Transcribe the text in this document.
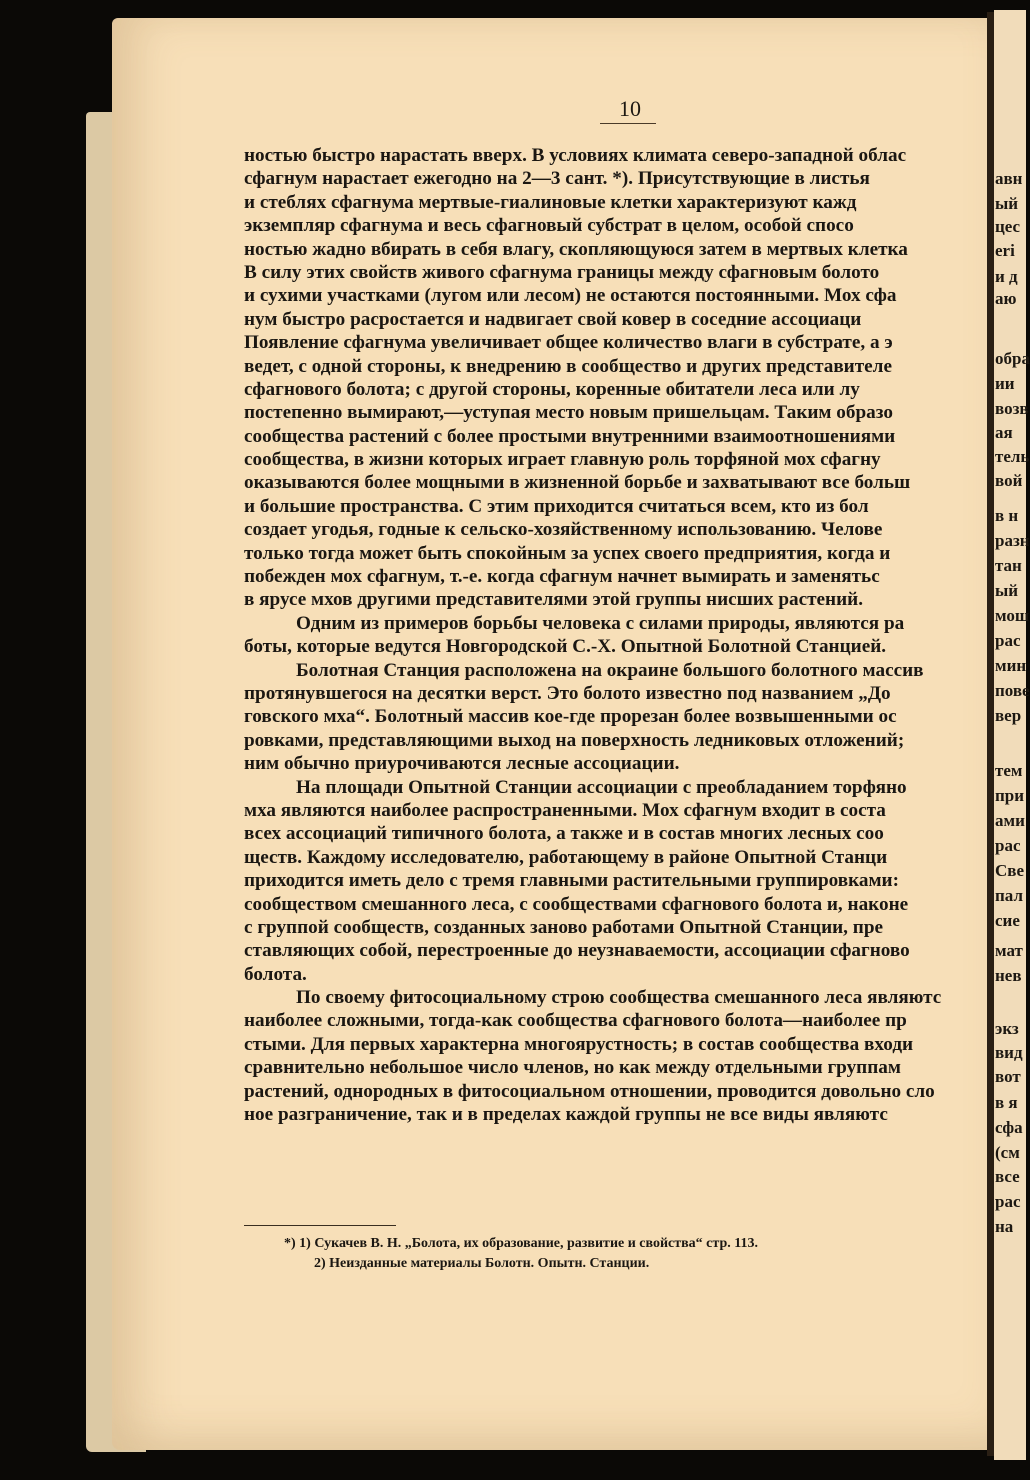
авн
ый
цес
eri
и д
аю
обра
ии
возв
ая
тель
вой
в н
разн
тан
ый
мош
рас
мин
пове
вер
тем
при
ами
рас
Све
пал
сие
мат
нев
экз
вид
вот
в я
сфа
(см
все
рас
на
10
ностью быстро нарастать вверх. В условиях климата северо-западной облас
сфагнум нарастает ежегодно на 2—3 сант. *). Присутствующие в листья
и стеблях сфагнума мертвые-гиалиновые клетки характеризуют кажд
экземпляр сфагнума и весь сфагновый субстрат в целом, особой спосо
ностью жадно вбирать в себя влагу, скопляющуюся затем в мертвых клетка
В силу этих свойств живого сфагнума границы между сфагновым болото
и сухими участками (лугом или лесом) не остаются постоянными. Мох сфа
нум быстро расростается и надвигает свой ковер в соседние ассоциаци
Появление сфагнума увеличивает общее количество влаги в субстрате, а э
ведет, с одной стороны, к внедрению в сообщество и других представителе
сфагнового болота; с другой стороны, коренные обитатели леса или лу
постепенно вымирают,—уступая место новым пришельцам. Таким образо
сообщества растений с более простыми внутренними взаимоотношениями
сообщества, в жизни которых играет главную роль торфяной мох сфагну
оказываются более мощными в жизненной борьбе и захватывают все больш
и большие пространства. С этим приходится считаться всем, кто из бол
создает угодья, годные к сельско-хозяйственному использованию. Челове
только тогда может быть спокойным за успех своего предприятия, когда и
побежден мох сфагнум, т.-е. когда сфагнум начнет вымирать и заменятьс
в ярусе мхов другими представителями этой группы нисших растений.
Одним из примеров борьбы человека с силами природы, являются ра
боты, которые ведутся Новгородской С.-Х. Опытной Болотной Станцией.
Болотная Станция расположена на окраине большого болотного массив
протянувшегося на десятки верст. Это болото известно под названием „До
говского мха“. Болотный массив кое-где прорезан более возвышенными ос
ровками, представляющими выход на поверхность ледниковых отложений;
ним обычно приурочиваются лесные ассоциации.
На площади Опытной Станции ассоциации с преобладанием торфяно
мха являются наиболее распространенными. Мох сфагнум входит в соста
всех ассоциаций типичного болота, а также и в состав многих лесных соо
ществ. Каждому исследователю, работающему в районе Опытной Станци
приходится иметь дело с тремя главными растительными группировками:
сообществом смешанного леса, с сообществами сфагнового болота и, наконе
с группой сообществ, созданных заново работами Опытной Станции, пре
ставляющих собой, перестроенные до неузнаваемости, ассоциации сфагново
болота.
По своему фитосоциальному строю сообщества смешанного леса являютс
наиболее сложными, тогда-как сообщества сфагнового болота—наиболее пр
стыми. Для первых характерна многоярустность; в состав сообщества входи
сравнительно небольшое число членов, но как между отдельными группам
растений, однородных в фитосоциальном отношении, проводится довольно сло
ное разграничение, так и в пределах каждой группы не все виды являютс
*) 1) Сукачев В. Н. „Болота, их образование, развитие и свойства“ стр. 113.
2) Неизданные материалы Болотн. Опытн. Станции.
